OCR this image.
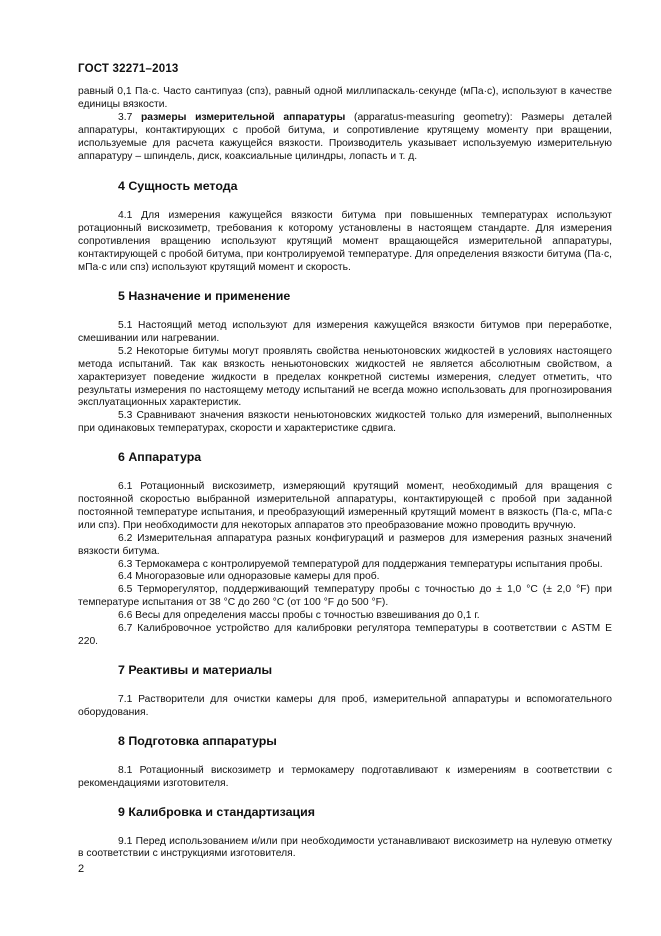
ГОСТ 32271–2013

равный 0,1 Па·с. Часто сантипуаз (спз), равный одной миллипаскаль·секунде (мПа·с), используют в качестве единицы вязкости.

3.7 размеры измерительной аппаратуры (apparatus-measuring geometry): Размеры деталей аппаратуры, контактирующих с пробой битума, и сопротивление крутящему моменту при вращении, используемые для расчета кажущейся вязкости. Производитель указывает используемую измерительную аппаратуру – шпиндель, диск, коаксиальные цилиндры, лопасть и т. д.

4 Сущность метода

4.1 Для измерения кажущейся вязкости битума при повышенных температурах используют ротационный вискозиметр, требования к которому установлены в настоящем стандарте. Для измерения сопротивления вращению используют крутящий момент вращающейся измерительной аппаратуры, контактирующей с пробой битума, при контролируемой температуре. Для определения вязкости битума (Па·с, мПа·с или спз) используют крутящий момент и скорость.

5 Назначение и применение

5.1 Настоящий метод используют для измерения кажущейся вязкости битумов при переработке, смешивании или нагревании.

5.2 Некоторые битумы могут проявлять свойства неньютоновских жидкостей в условиях настоящего метода испытаний. Так как вязкость неньютоновских жидкостей не является абсолютным свойством, а характеризует поведение жидкости в пределах конкретной системы измерения, следует отметить, что результаты измерения по настоящему методу испытаний не всегда можно использовать для прогнозирования эксплуатационных характеристик.

5.3 Сравнивают значения вязкости неньютоновских жидкостей только для измерений, выполненных при одинаковых температурах, скорости и характеристике сдвига.

6 Аппаратура

6.1 Ротационный вискозиметр, измеряющий крутящий момент, необходимый для вращения с постоянной скоростью выбранной измерительной аппаратуры, контактирующей с пробой при заданной постоянной температуре испытания, и преобразующий измеренный крутящий момент в вязкость (Па·с, мПа·с или спз). При необходимости для некоторых аппаратов это преобразование можно проводить вручную.

6.2 Измерительная аппаратура разных конфигураций и размеров для измерения разных значений вязкости битума.

6.3 Термокамера с контролируемой температурой для поддержания температуры испытания пробы.

6.4 Многоразовые или одноразовые камеры для проб.

6.5 Терморегулятор, поддерживающий температуру пробы с точностью до ± 1,0 °С (± 2,0 °F) при температуре испытания от 38 °С до 260 °С (от 100 °F до 500 °F).

6.6 Весы для определения массы пробы с точностью взвешивания до 0,1 г.

6.7 Калибровочное устройство для калибровки регулятора температуры в соответствии с ASTM E 220.

7 Реактивы и материалы

7.1 Растворители для очистки камеры для проб, измерительной аппаратуры и вспомогательного оборудования.

8 Подготовка аппаратуры

8.1 Ротационный вискозиметр и термокамеру подготавливают к измерениям в соответствии с рекомендациями изготовителя.

9 Калибровка и стандартизация

9.1 Перед использованием и/или при необходимости устанавливают вискозиметр на нулевую отметку в соответствии с инструкциями изготовителя.

2
